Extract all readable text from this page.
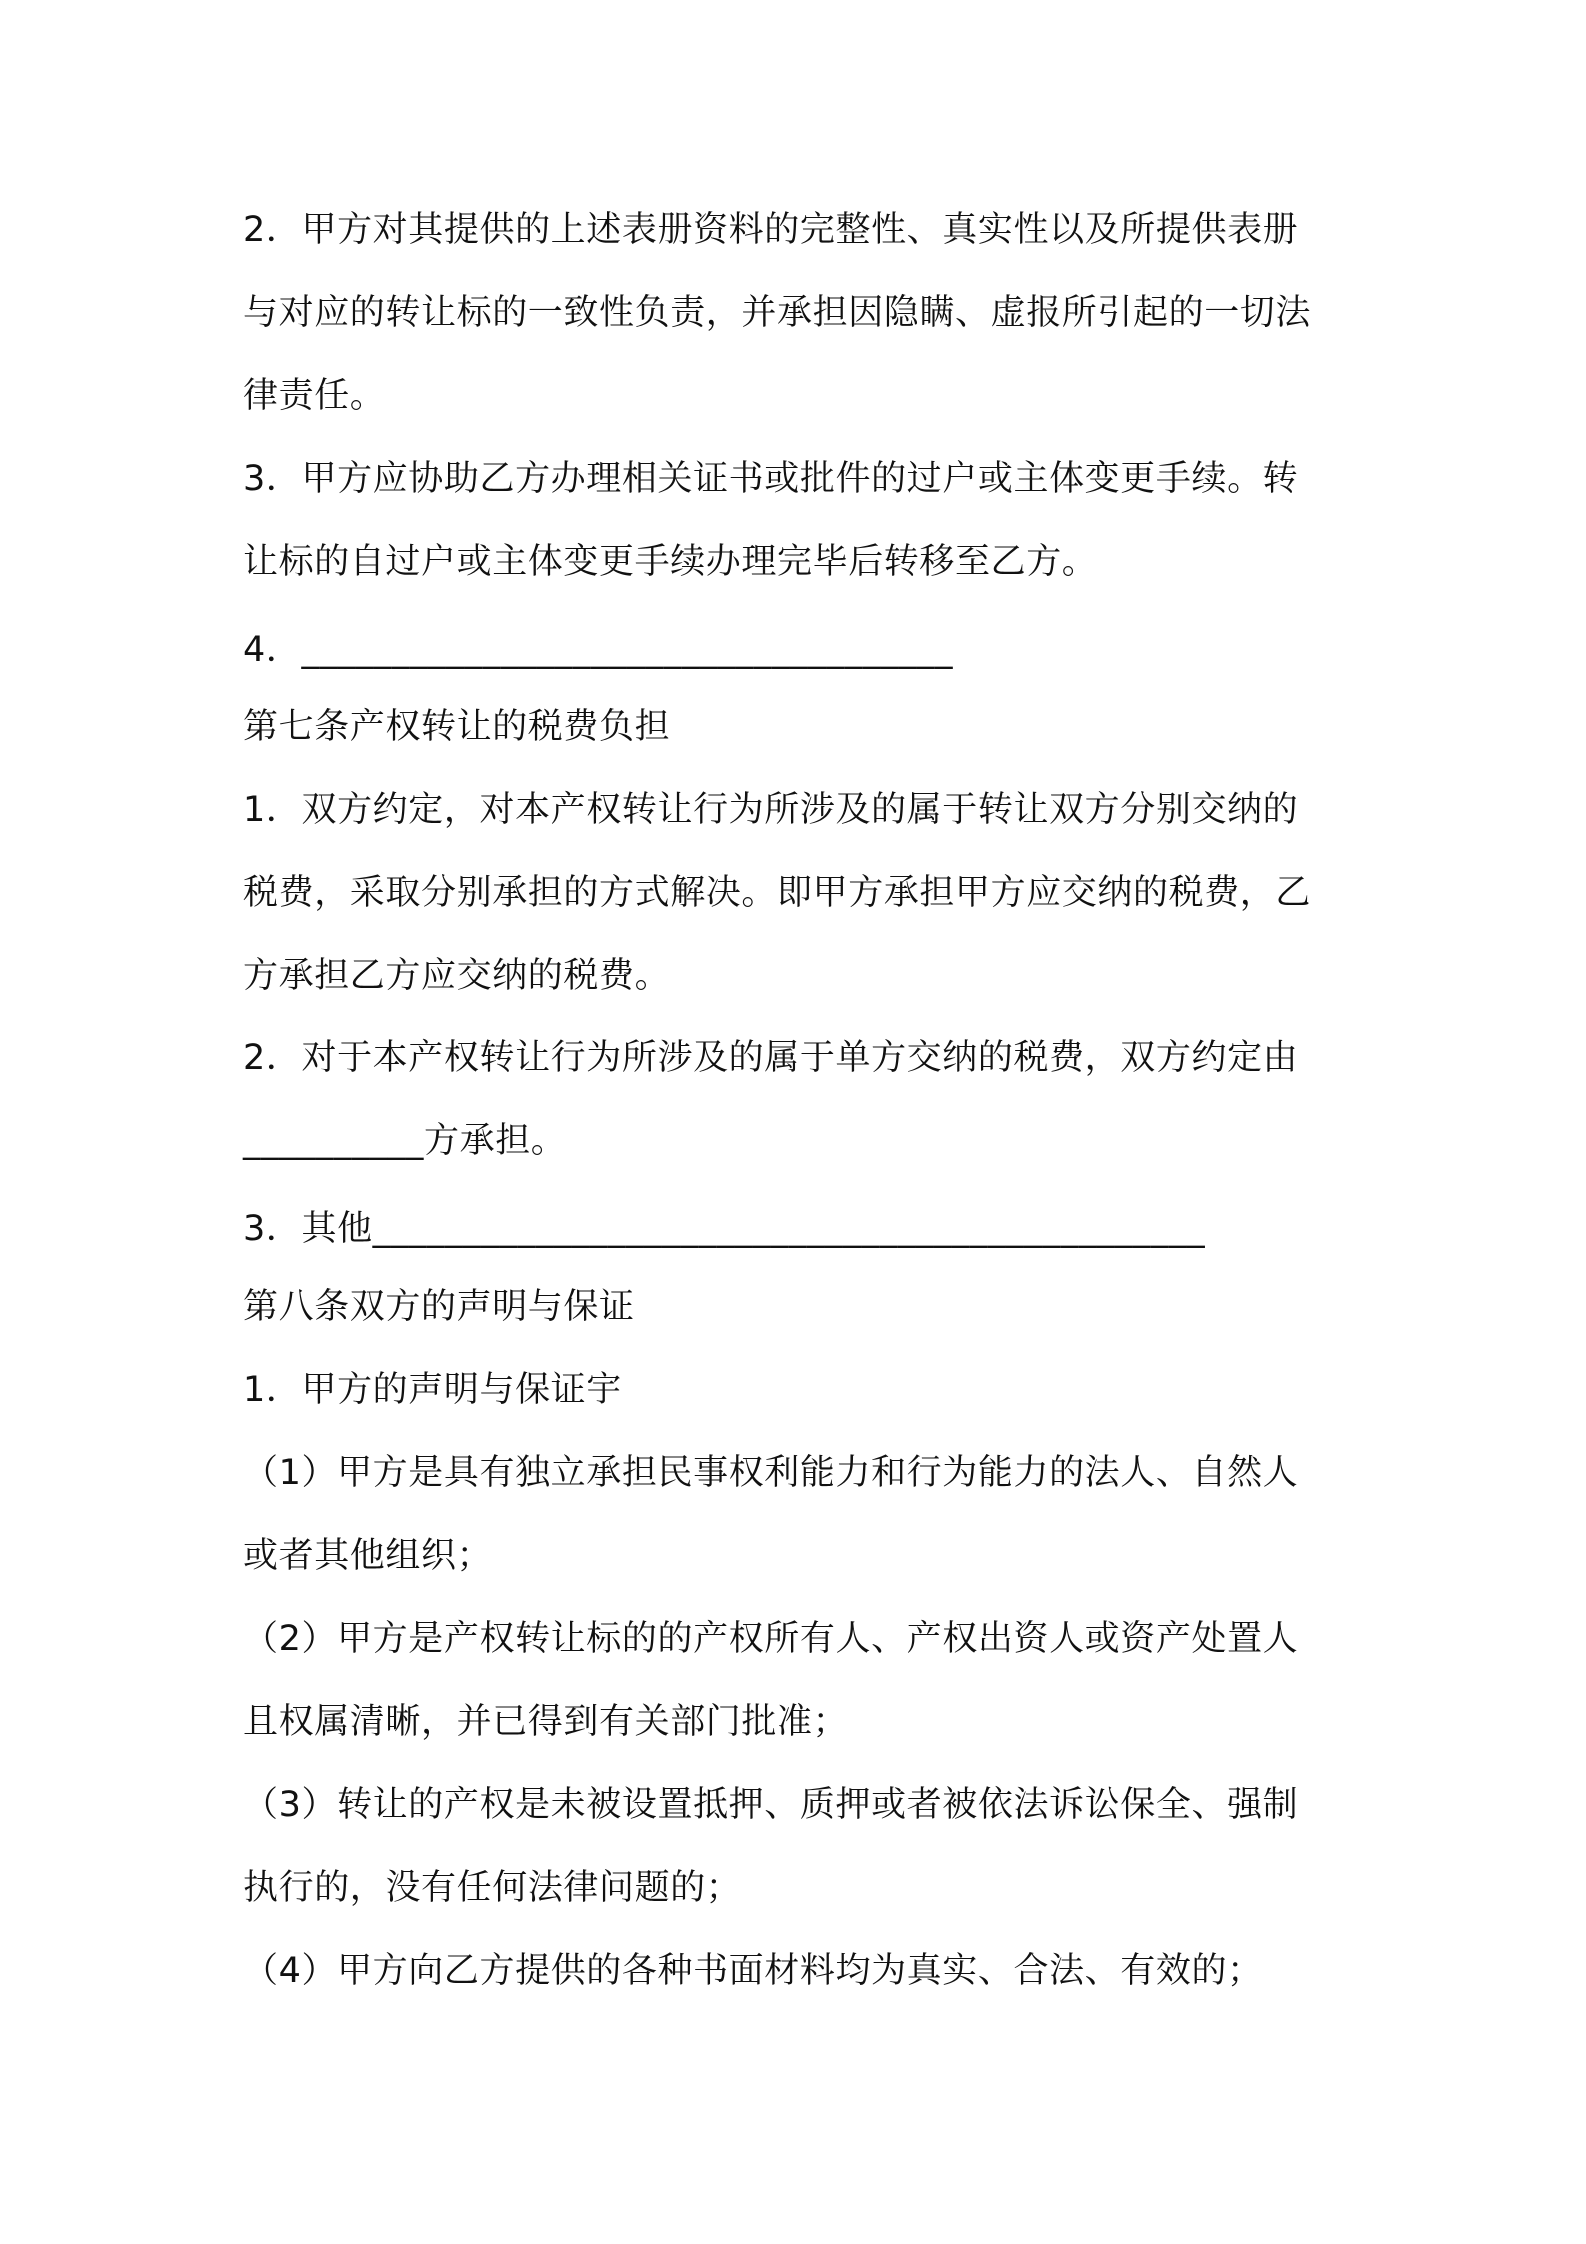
2．甲方对其提供的上述表册资料的完整性、真实性以及所提供表册
与对应的转让标的一致性负责，并承担因隐瞒、虚报所引起的一切法
律责任。
3．甲方应协助乙方办理相关证书或批件的过户或主体变更手续。转
让标的自过户或主体变更手续办理完毕后转移至乙方。
4．____________________________________
第七条产权转让的税费负担
1．双方约定，对本产权转让行为所涉及的属于转让双方分别交纳的
税费，采取分别承担的方式解决。即甲方承担甲方应交纳的税费，乙
方承担乙方应交纳的税费。
2．对于本产权转让行为所涉及的属于单方交纳的税费，双方约定由
__________方承担。
3．其他______________________________________________
第八条双方的声明与保证
1．甲方的声明与保证宇
（1）甲方是具有独立承担民事权利能力和行为能力的法人、自然人
或者其他组织；
（2）甲方是产权转让标的的产权所有人、产权出资人或资产处置人
且权属清晰，并已得到有关部门批准；
（3）转让的产权是未被设置抵押、质押或者被依法诉讼保全、强制
执行的，没有任何法律问题的；
（4）甲方向乙方提供的各种书面材料均为真实、合法、有效的；
